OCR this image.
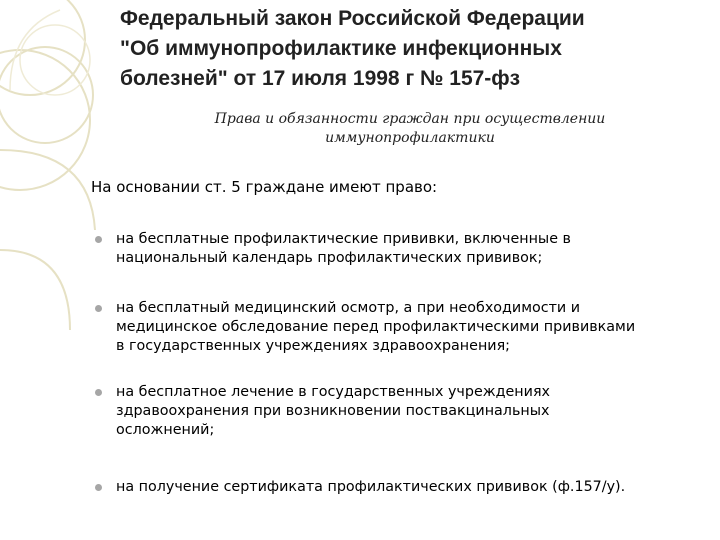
Федеральный закон Российской Федерации
"Об иммунопрофилактике инфекционных
болезней" от 17 июля 1998 г № 157-фз
Права и обязанности граждан при осуществлении
иммунопрофилактики
На основании ст. 5 граждане имеют право:
на бесплатные профилактические прививки, включенные в
национальный календарь профилактических прививок;
на бесплатный медицинский осмотр, а при необходимости и
медицинское обследование перед профилактическими прививками
в государственных учреждениях здравоохранения;
на бесплатное лечение в государственных учреждениях
здравоохранения при возникновении поствакцинальных
осложнений;
на получение сертификата профилактических прививок (ф.157/у).
